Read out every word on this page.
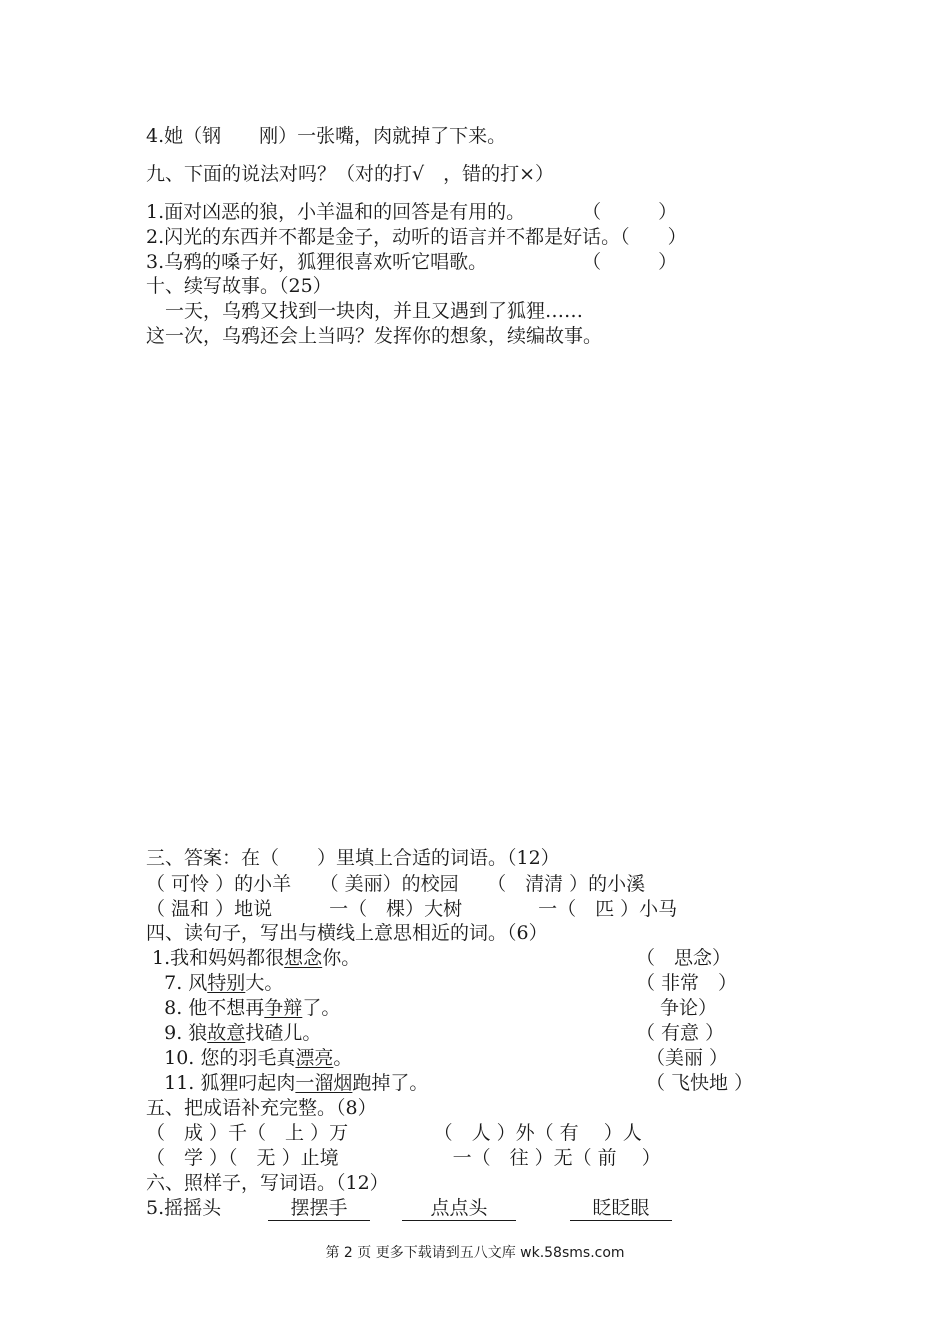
4.她（钢　　刚）一张嘴，肉就掉了下来。
九、下面的说法对吗？（对的打√　，错的打×）
1.面对凶恶的狼，小羊温和的回答是有用的。　　　　（　　　）
2.闪光的东西并不都是金子，动听的语言并不都是好话。（　　）
3.乌鸦的嗓子好，狐狸很喜欢听它唱歌。　　　　　　（　　　）
十、续写故事。（25）
　一天，乌鸦又找到一块肉，并且又遇到了狐狸……
这一次，乌鸦还会上当吗？发挥你的想象，续编故事。
三、答案：在（　　）里填上合适的词语。（12）
（ 可怜 ）的小羊　　（ 美丽）的校园　　（　清清 ）的小溪
（ 温和 ）地说　　　一（　棵）大树　　　　一（　匹 ）小马
四、读句子，写出与横线上意思相近的词。（6）
1.我和妈妈都很想念你。	（　思念）
7. 风特别大。	（ 非常　）
8. 他不想再争辩了。	争论）
9. 狼故意找碴儿。	（ 有意 ）
10. 您的羽毛真漂亮。	（美丽 ）
11. 狐狸叼起肉一溜烟跑掉了。	（ 飞快地 ）
五、把成语补充完整。（8）
（　成 ）千（　上 ）万　　　　　（　人 ）外（ 有　 ）人
（　学 ）（　无 ）止境　　　　　　一（　往 ）无（ 前　 ）
六、照样子，写词语。（12）
5.摇摇头	摆摆手	点点头	眨眨眼
第 2 页 更多下载请到五八文库 wk.58sms.com
